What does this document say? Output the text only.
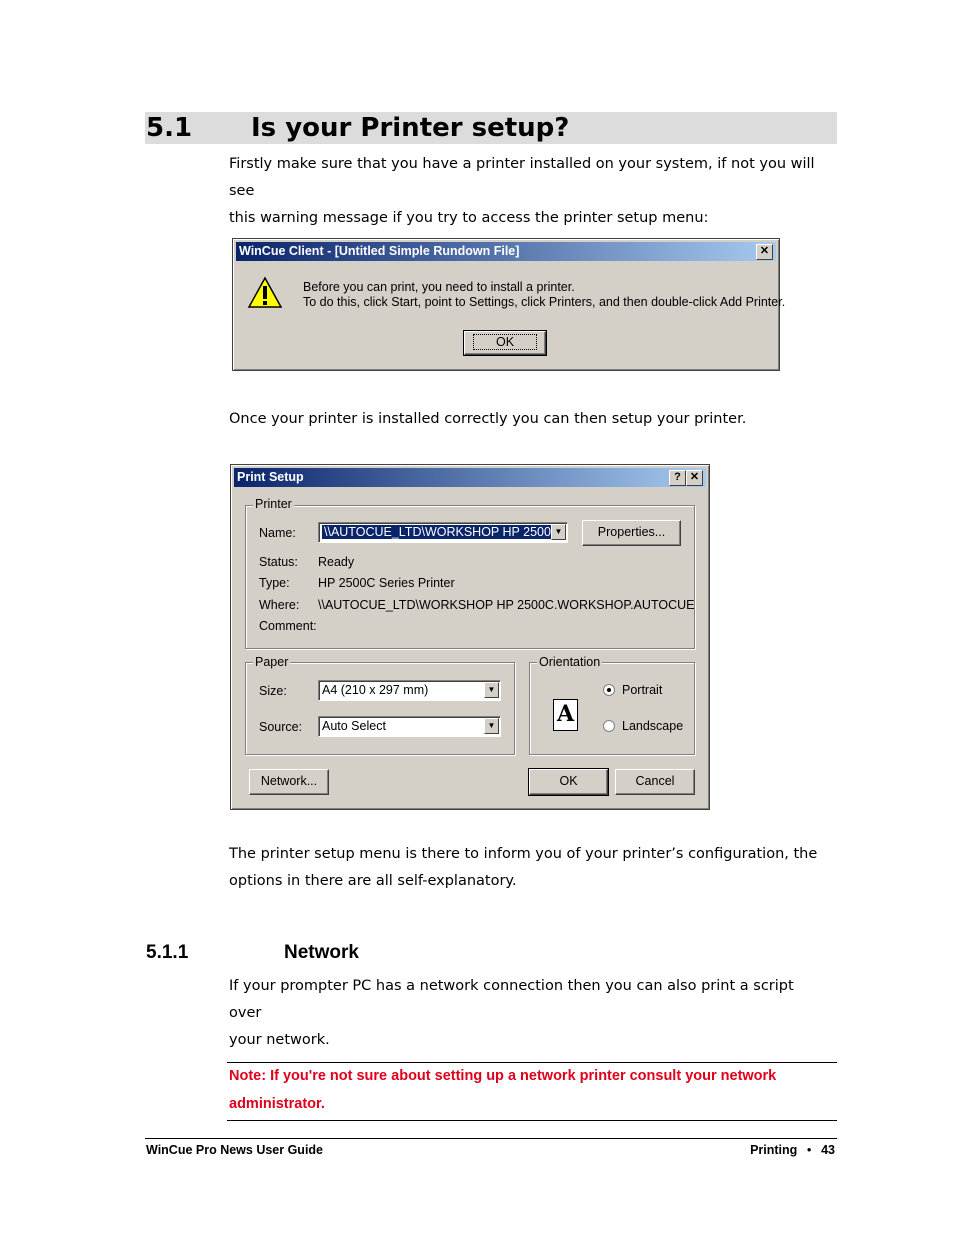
5.1 Is your Printer setup?
Firstly make sure that you have a printer installed on your system, if not you will see
this warning message if you try to access the printer setup menu:
WinCue Client - [Untitled Simple Rundown File]	✕
Before you can print, you need to install a printer.
To do this, click Start, point to Settings, click Printers, and then double-click Add Printer.
OK
Once your printer is installed correctly you can then setup your printer.
Print Setup	? ✕
Printer
Name:	\\AUTOCUE_LTD\WORKSHOP HP 2500 ▼	Properties...
Status: Ready
Type: HP 2500C Series Printer
Where: \\AUTOCUE_LTD\WORKSHOP HP 2500C.WORKSHOP.AUTOCUE
Comment:
Paper
Size:	A4 (210 x 297 mm)	▼
Source:	Auto Select	▼
Orientation
A
Portrait
Landscape
Network...	OK	Cancel
The printer setup menu is there to inform you of your printer’s configuration, the
options in there are all self-explanatory.
5.1.1	Network
If your prompter PC has a network connection then you can also print a script over
your network.
Note: If you're not sure about setting up a network printer consult your network
administrator.
WinCue Pro News User Guide	Printing ● 43
